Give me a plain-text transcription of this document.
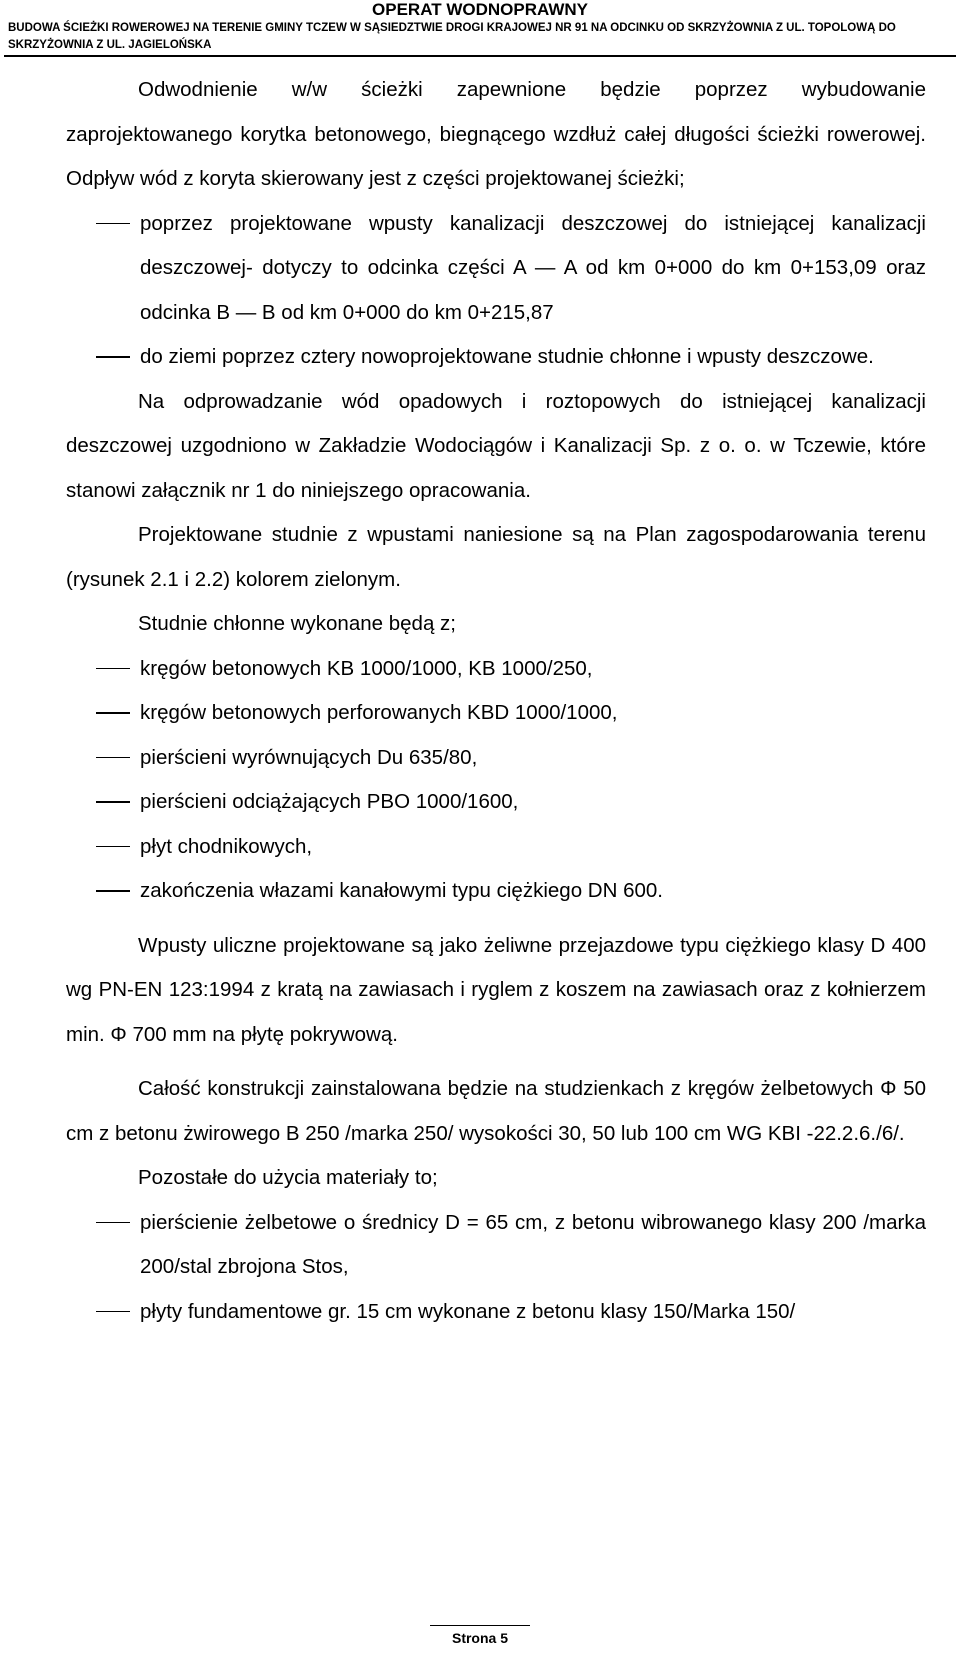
OPERAT WODNOPRAWNY
BUDOWA ŚCIEŻKI ROWEROWEJ NA TERENIE GMINY TCZEW W SĄSIEDZTWIE DROGI KRAJOWEJ NR 91 NA ODCINKU OD SKRZYŻOWNIA Z UL. TOPOLOWĄ DO SKRZYŻOWNIA Z UL. JAGIELOŃSKA

Odwodnienie w/w ścieżki zapewnione będzie poprzez wybudowanie zaprojektowanego korytka betonowego, biegnącego wzdłuż całej długości ścieżki rowerowej. Odpływ wód z koryta skierowany jest z części projektowanej ścieżki;

poprzez projektowane wpusty kanalizacji deszczowej do istniejącej kanalizacji deszczowej- dotyczy to odcinka części A — A od km 0+000 do km 0+153,09 oraz odcinka B — B od km 0+000 do km 0+215,87
do ziemi poprzez cztery nowoprojektowane studnie chłonne i wpusty deszczowe.

Na odprowadzanie wód opadowych i roztopowych do istniejącej kanalizacji deszczowej uzgodniono w Zakładzie Wodociągów i Kanalizacji Sp. z o. o. w Tczewie, które stanowi załącznik nr 1 do niniejszego opracowania.

Projektowane studnie z wpustami naniesione są na Plan zagospodarowania terenu (rysunek 2.1 i 2.2) kolorem zielonym.

Studnie chłonne wykonane będą z;

kręgów betonowych KB 1000/1000, KB 1000/250,
kręgów betonowych perforowanych KBD 1000/1000,
pierścieni wyrównujących Du 635/80,
pierścieni odciążających PBO 1000/1600,
płyt chodnikowych,
zakończenia włazami kanałowymi typu ciężkiego DN 600.

Wpusty uliczne projektowane są jako żeliwne przejazdowe typu ciężkiego klasy D 400 wg PN-EN 123:1994 z kratą na zawiasach i ryglem z koszem na zawiasach oraz z kołnierzem min. Φ 700 mm na płytę pokrywową.

Całość konstrukcji zainstalowana będzie na studzienkach z kręgów żelbetowych Φ 50 cm z betonu żwirowego B 250 /marka 250/ wysokości 30, 50 lub 100 cm WG KBI -22.2.6./6/.

Pozostałe do użycia materiały to;

pierścienie żelbetowe o średnicy D = 65 cm, z betonu wibrowanego klasy 200 /marka 200/stal zbrojona Stos,
płyty fundamentowe gr. 15 cm wykonane z betonu klasy 150/Marka 150/
Strona 5
